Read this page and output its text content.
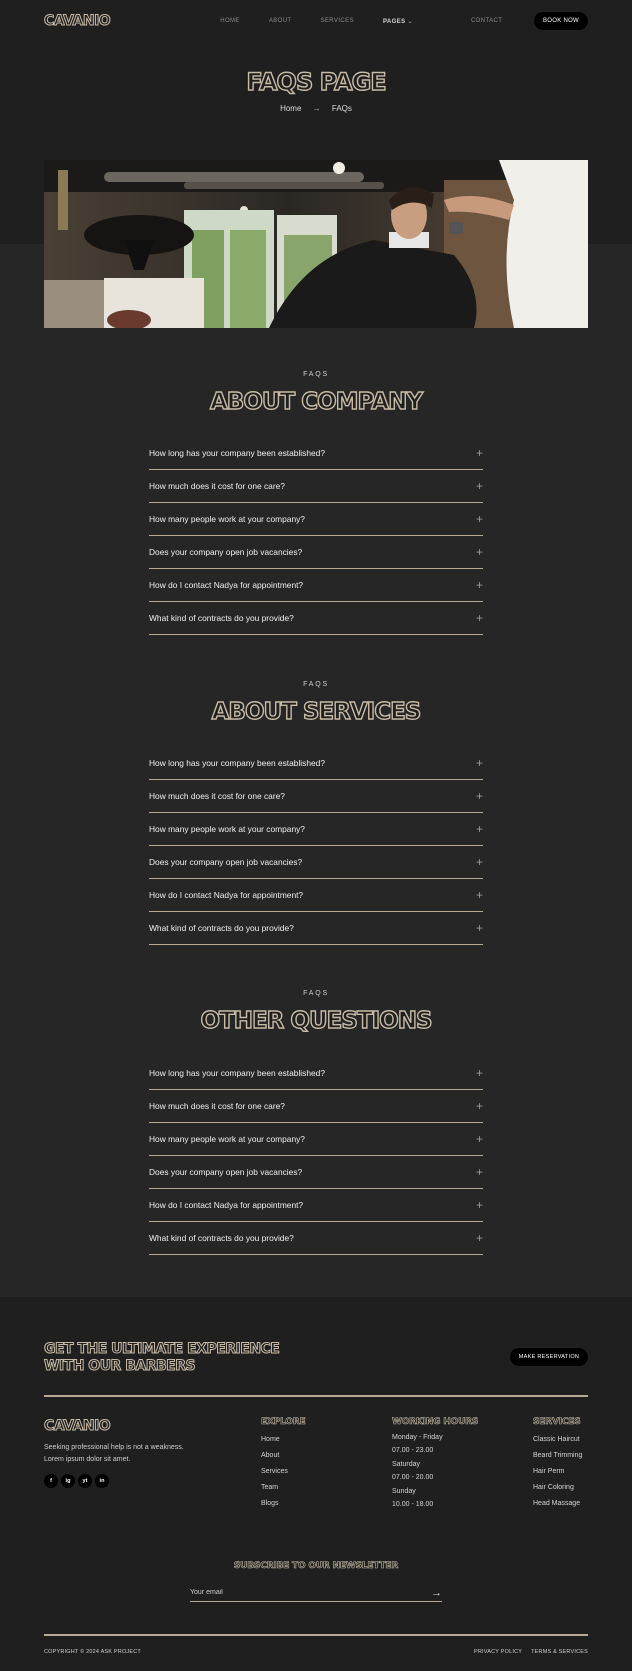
CAVANIO	HOME	ABOUT	SERVICES	PAGES ⌄	CONTACT	BOOK NOW
FAQS PAGE
Home → FAQs
FAQS
ABOUT COMPANY
How long has your company been established?	+
How much does it cost for one care?	+
How many people work at your company?	+
Does your company open job vacancies?	+
How do I contact Nadya for appointment?	+
What kind of contracts do you provide?	+
FAQS
ABOUT SERVICES
How long has your company been established?	+
How much does it cost for one care?	+
How many people work at your company?	+
Does your company open job vacancies?	+
How do I contact Nadya for appointment?	+
What kind of contracts do you provide?	+
FAQS
OTHER QUESTIONS
How long has your company been established?	+
How much does it cost for one care?	+
How many people work at your company?	+
Does your company open job vacancies?	+
How do I contact Nadya for appointment?	+
What kind of contracts do you provide?	+
GET THE ULTIMATE EXPERIENCE
WITH OUR BARBERS
MAKE RESERVATION
CAVANIO
Seeking professional help is not a weakness.
Lorem ipsum dolor sit amet.
f	ig	yt	in
EXPLORE
Home
About
Services
Team
Blogs
WORKING HOURS
Monday - Friday
07.00 - 23.00
Saturday
07.00 - 20.00
Sunday
10.00 - 18.00
SERVICES
Classic Haircut
Beard Trimming
Hair Perm
Hair Coloring
Head Massage
SUBSCRIBE TO OUR NEWSLETTER
Your email
→
COPYRIGHT © 2024 ASK PROJECT	PRIVACY POLICY TERMS & SERVICES
